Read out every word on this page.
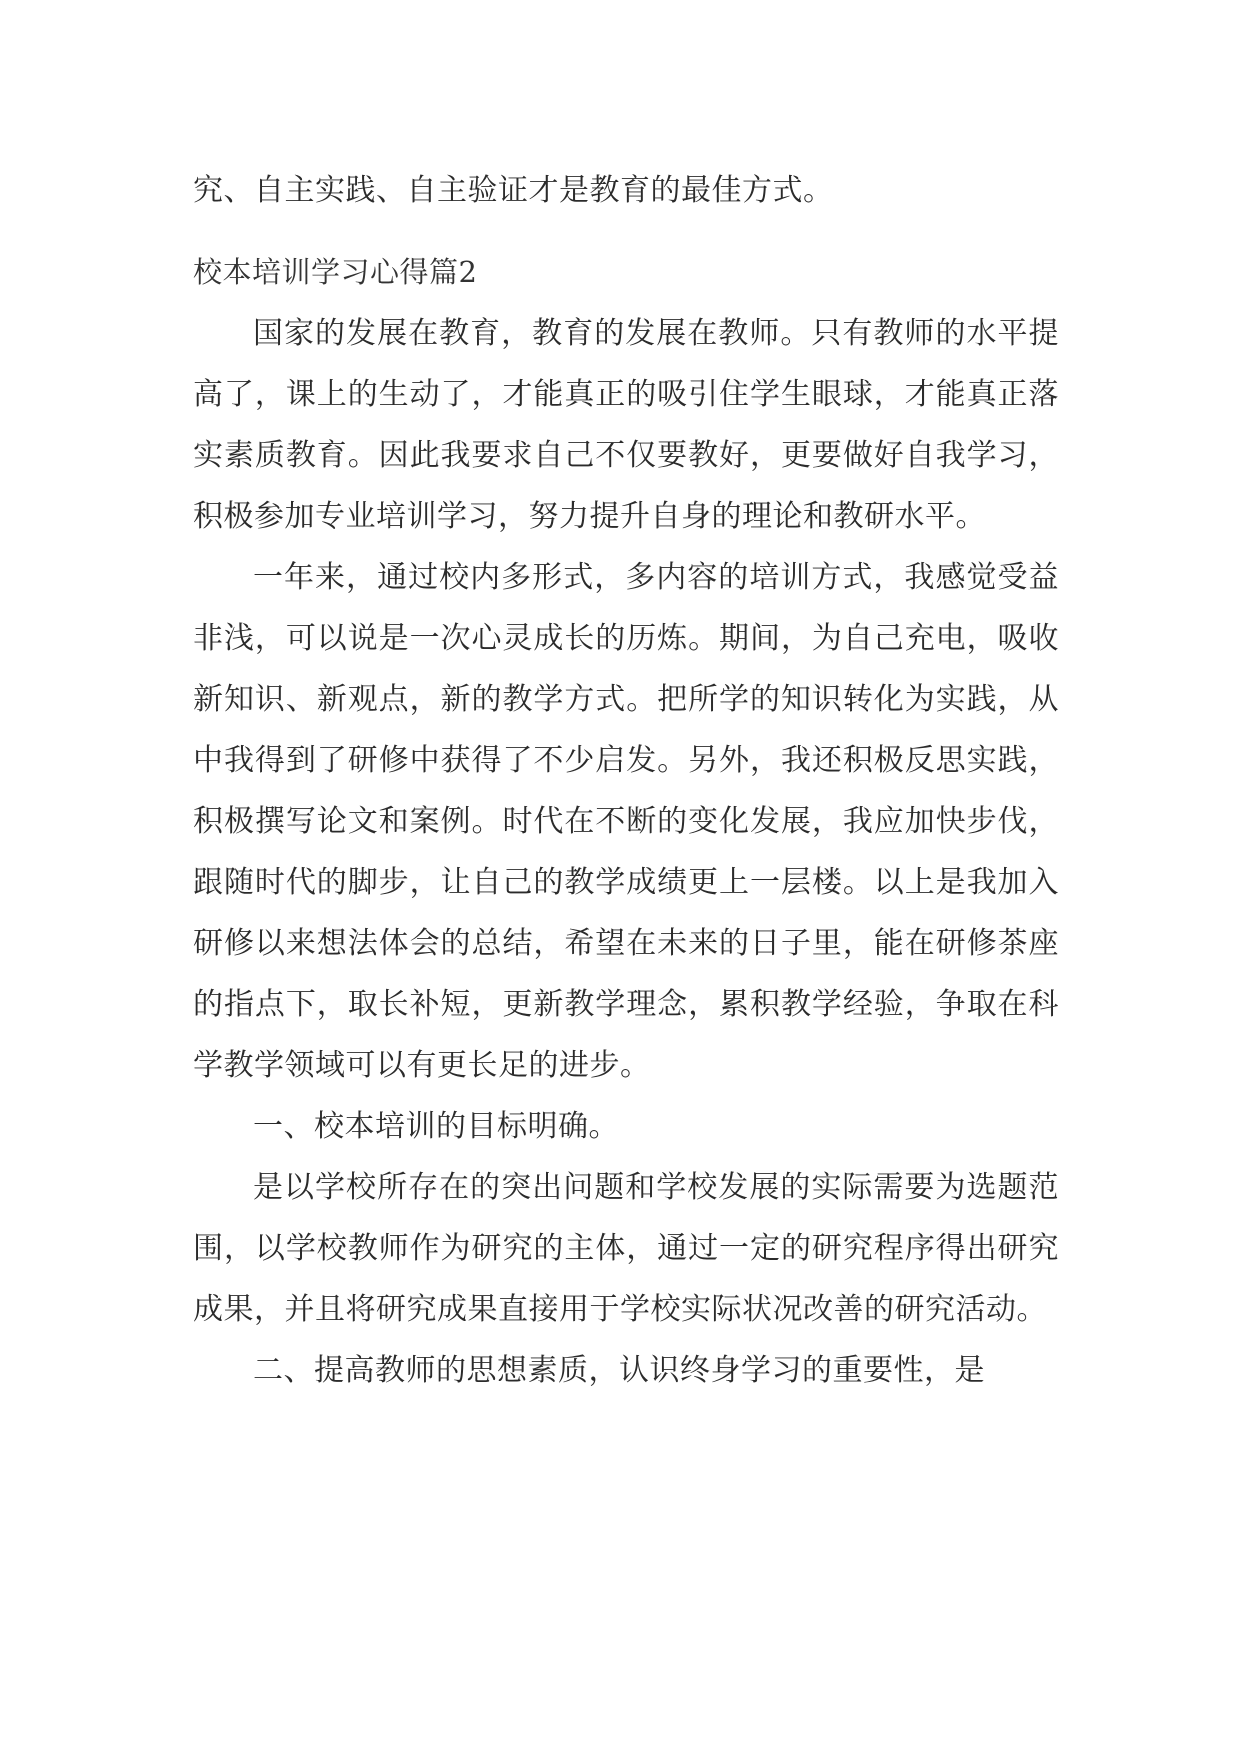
究、自主实践、自主验证才是教育的最佳方式。

校本培训学习心得篇2

国家的发展在教育，教育的发展在教师。只有教师的水平提高了，课上的生动了，才能真正的吸引住学生眼球，才能真正落实素质教育。因此我要求自己不仅要教好，更要做好自我学习，积极参加专业培训学习，努力提升自身的理论和教研水平。

一年来，通过校内多形式，多内容的培训方式，我感觉受益非浅，可以说是一次心灵成长的历炼。期间，为自己充电，吸收新知识、新观点，新的教学方式。把所学的知识转化为实践，从中我得到了研修中获得了不少启发。另外，我还积极反思实践，积极撰写论文和案例。时代在不断的变化发展，我应加快步伐，跟随时代的脚步，让自己的教学成绩更上一层楼。以上是我加入研修以来想法体会的总结，希望在未来的日子里，能在研修茶座的指点下，取长补短，更新教学理念，累积教学经验，争取在科学教学领域可以有更长足的进步。

一、校本培训的目标明确。

是以学校所存在的突出问题和学校发展的实际需要为选题范围，以学校教师作为研究的主体，通过一定的研究程序得出研究成果，并且将研究成果直接用于学校实际状况改善的研究活动。

二、提高教师的思想素质，认识终身学习的重要性，是
